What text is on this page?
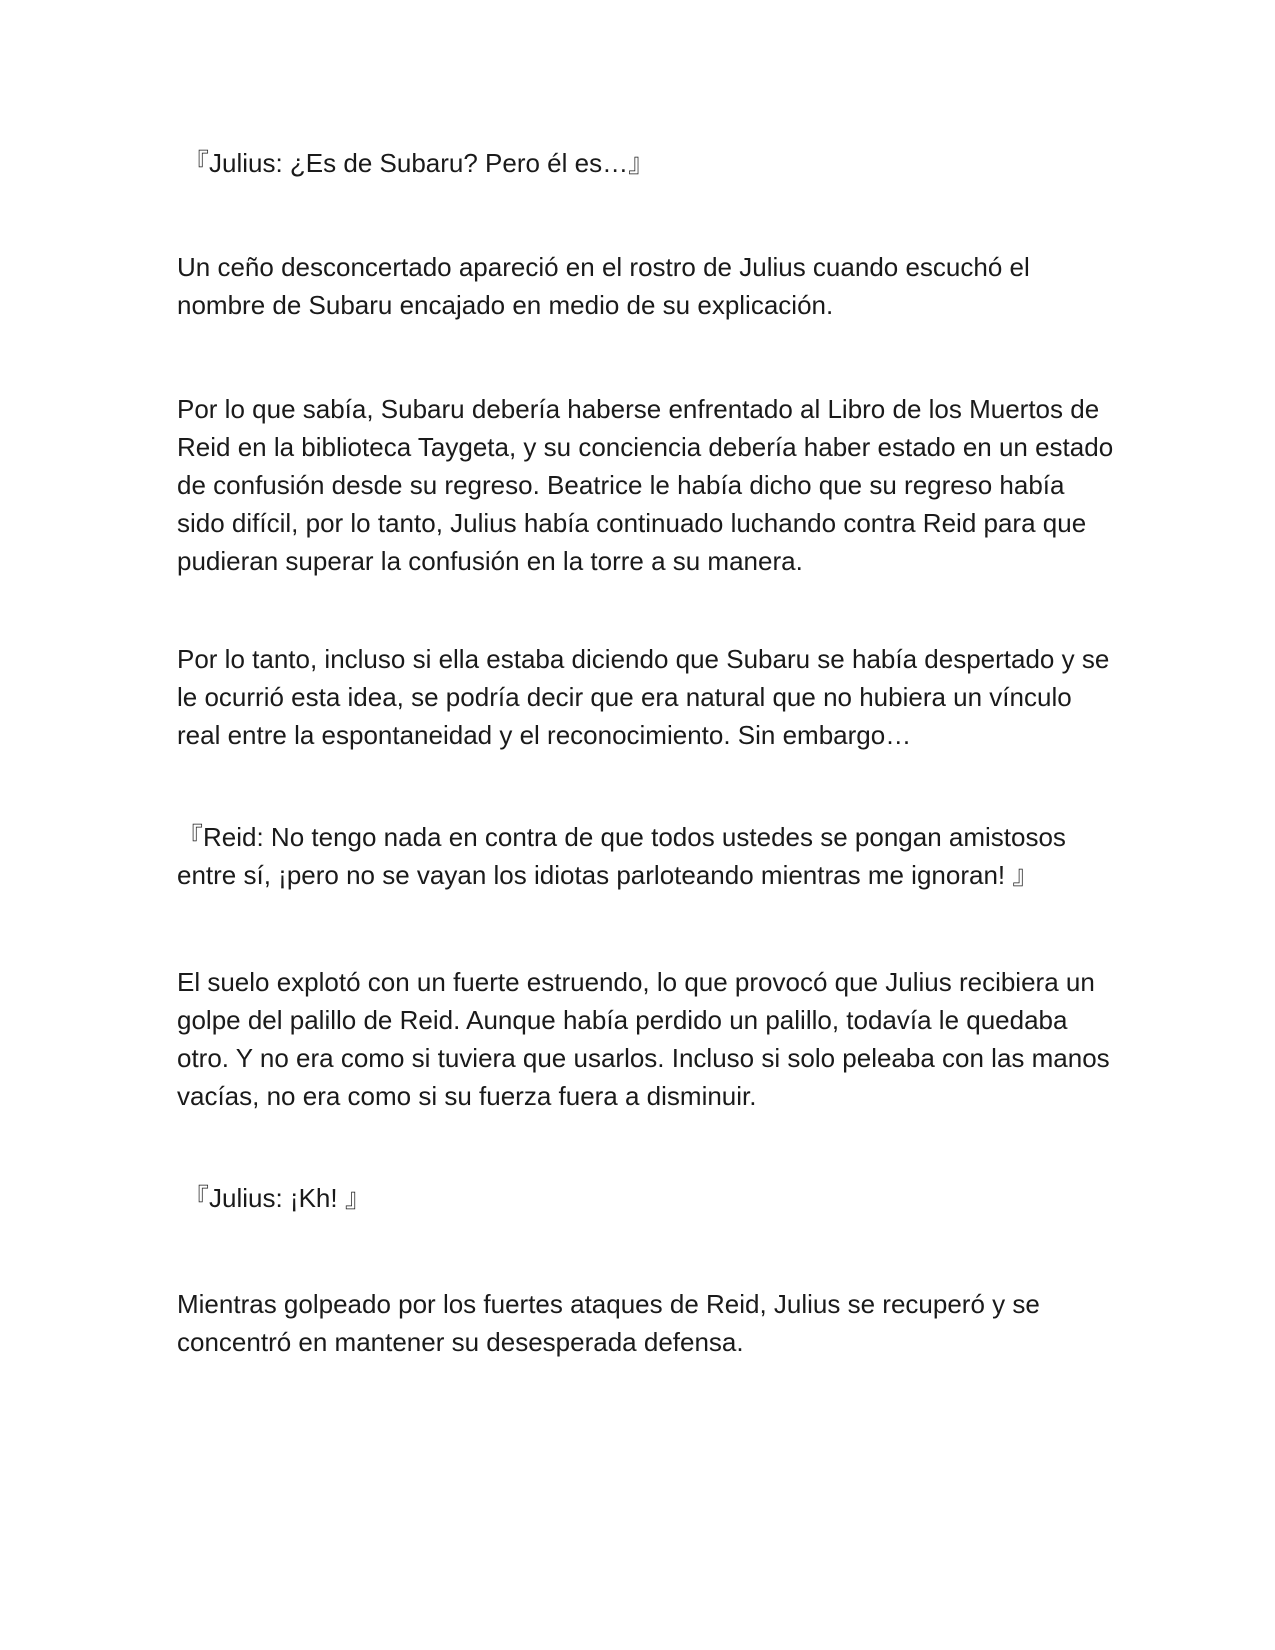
『Julius: ¿Es de Subaru? Pero él es…』

Un ceño desconcertado apareció en el rostro de Julius cuando escuchó el nombre de Subaru encajado en medio de su explicación.

Por lo que sabía, Subaru debería haberse enfrentado al Libro de los Muertos de Reid en la biblioteca Taygeta, y su conciencia debería haber estado en un estado de confusión desde su regreso. Beatrice le había dicho que su regreso había sido difícil, por lo tanto, Julius había continuado luchando contra Reid para que pudieran superar la confusión en la torre a su manera.

Por lo tanto, incluso si ella estaba diciendo que Subaru se había despertado y se le ocurrió esta idea, se podría decir que era natural que no hubiera un vínculo real entre la espontaneidad y el reconocimiento. Sin embargo…

『Reid: No tengo nada en contra de que todos ustedes se pongan amistosos entre sí, ¡pero no se vayan los idiotas parloteando mientras me ignoran! 』

El suelo explotó con un fuerte estruendo, lo que provocó que Julius recibiera un golpe del palillo de Reid. Aunque había perdido un palillo, todavía le quedaba otro. Y no era como si tuviera que usarlos. Incluso si solo peleaba con las manos vacías, no era como si su fuerza fuera a disminuir.

『Julius: ¡Kh! 』

Mientras golpeado por los fuertes ataques de Reid, Julius se recuperó y se concentró en mantener su desesperada defensa.
